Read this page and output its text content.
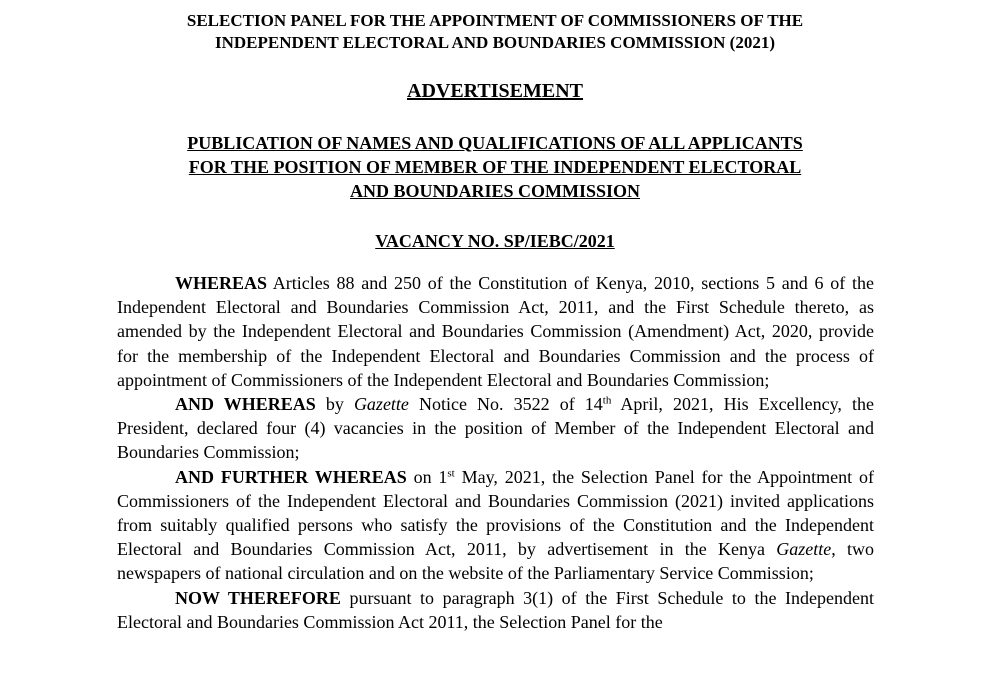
SELECTION PANEL FOR THE APPOINTMENT OF COMMISSIONERS OF THE
INDEPENDENT ELECTORAL AND BOUNDARIES COMMISSION (2021)
ADVERTISEMENT
PUBLICATION OF NAMES AND QUALIFICATIONS OF ALL APPLICANTS
FOR THE POSITION OF MEMBER OF THE INDEPENDENT ELECTORAL
AND BOUNDARIES COMMISSION
VACANCY NO. SP/IEBC/2021

WHEREAS Articles 88 and 250 of the Constitution of Kenya, 2010, sections 5 and 6 of the Independent Electoral and Boundaries Commission Act, 2011, and the First Schedule thereto, as amended by the Independent Electoral and Boundaries Commission (Amendment) Act, 2020, provide for the membership of the Independent Electoral and Boundaries Commission and the process of appointment of Commissioners of the Independent Electoral and Boundaries Commission;

AND WHEREAS by Gazette Notice No. 3522 of 14th April, 2021, His Excellency, the President, declared four (4) vacancies in the position of Member of the Independent Electoral and Boundaries Commission;

AND FURTHER WHEREAS on 1st May, 2021, the Selection Panel for the Appointment of Commissioners of the Independent Electoral and Boundaries Commission (2021) invited applications from suitably qualified persons who satisfy the provisions of the Constitution and the Independent Electoral and Boundaries Commission Act, 2011, by advertisement in the Kenya Gazette, two newspapers of national circulation and on the website of the Parliamentary Service Commission;

NOW THEREFORE pursuant to paragraph 3(1) of the First Schedule to the Independent Electoral and Boundaries Commission Act 2011, the Selection Panel for the
